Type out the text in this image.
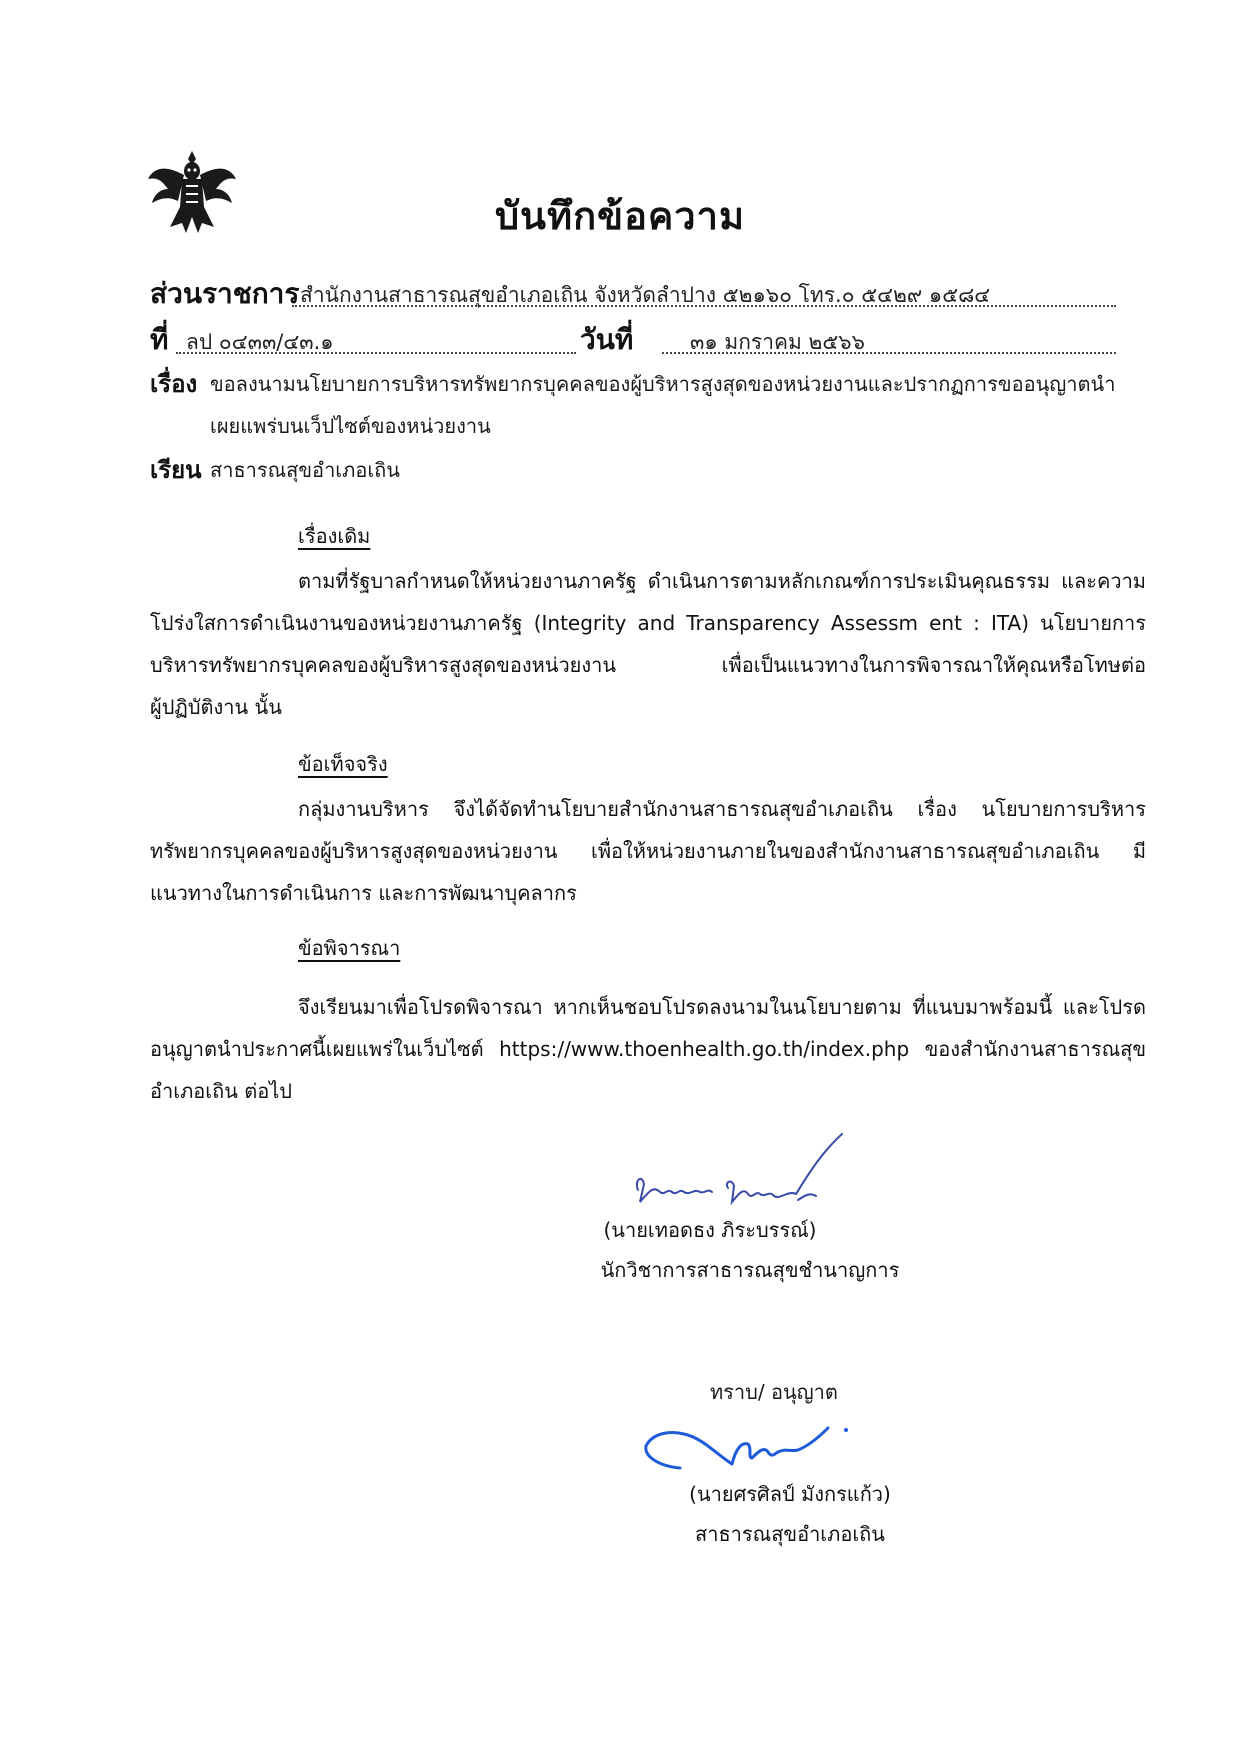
บันทึกข้อความ
ส่วนราชการ สำนักงานสาธารณสุขอำเภอเถิน จังหวัดลำปาง ๕๒๑๖๐ โทร.๐ ๕๔๒๙ ๑๕๘๔
ที่ ลป ๐๔๓๓/๔๓.๑	วันที่	๓๑ มกราคม ๒๕๖๖
เรื่อง ขอลงนามนโยบายการบริหารทรัพยากรบุคคลของผู้บริหารสูงสุดของหน่วยงานและปรากฏการขออนุญาตนำ
เผยแพร่บนเว็ปไซต์ของหน่วยงาน
เรียน สาธารณสุขอำเภอเถิน
เรื่องเดิม
ตามที่รัฐบาลกำหนดให้หน่วยงานภาครัฐ ดำเนินการตามหลักเกณฑ์การประเมินคุณธรรม และความ
โปร่งใสการดำเนินงานของหน่วยงานภาครัฐ (Integrity and Transparency Assessm ent : ITA) นโยบายการ
บริหารทรัพยากรบุคคลของผู้บริหารสูงสุดของหน่วยงาน เพื่อเป็นแนวทางในการพิจารณาให้คุณหรือโทษต่อ
ผู้ปฏิบัติงาน นั้น
ข้อเท็จจริง
กลุ่มงานบริหาร จึงได้จัดทำนโยบายสำนักงานสาธารณสุขอำเภอเถิน เรื่อง นโยบายการบริหาร
ทรัพยากรบุคคลของผู้บริหารสูงสุดของหน่วยงาน เพื่อให้หน่วยงานภายในของสำนักงานสาธารณสุขอำเภอเถิน มี
แนวทางในการดำเนินการ และการพัฒนาบุคลากร
ข้อพิจารณา
จึงเรียนมาเพื่อโปรดพิจารณา หากเห็นชอบโปรดลงนามในนโยบายตาม ที่แนบมาพร้อมนี้ และโปรด
อนุญาตนำประกาศนี้เผยแพร่ในเว็บไซต์ https://www.thoenhealth.go.th/index.php ของสำนักงานสาธารณสุข
อำเภอเถิน ต่อไป
(นายเทอดธง ภิระบรรณ์)
นักวิชาการสาธารณสุขชำนาญการ
ทราบ/ อนุญาต
(นายศรศิลป์ มังกรแก้ว)
สาธารณสุขอำเภอเถิน
